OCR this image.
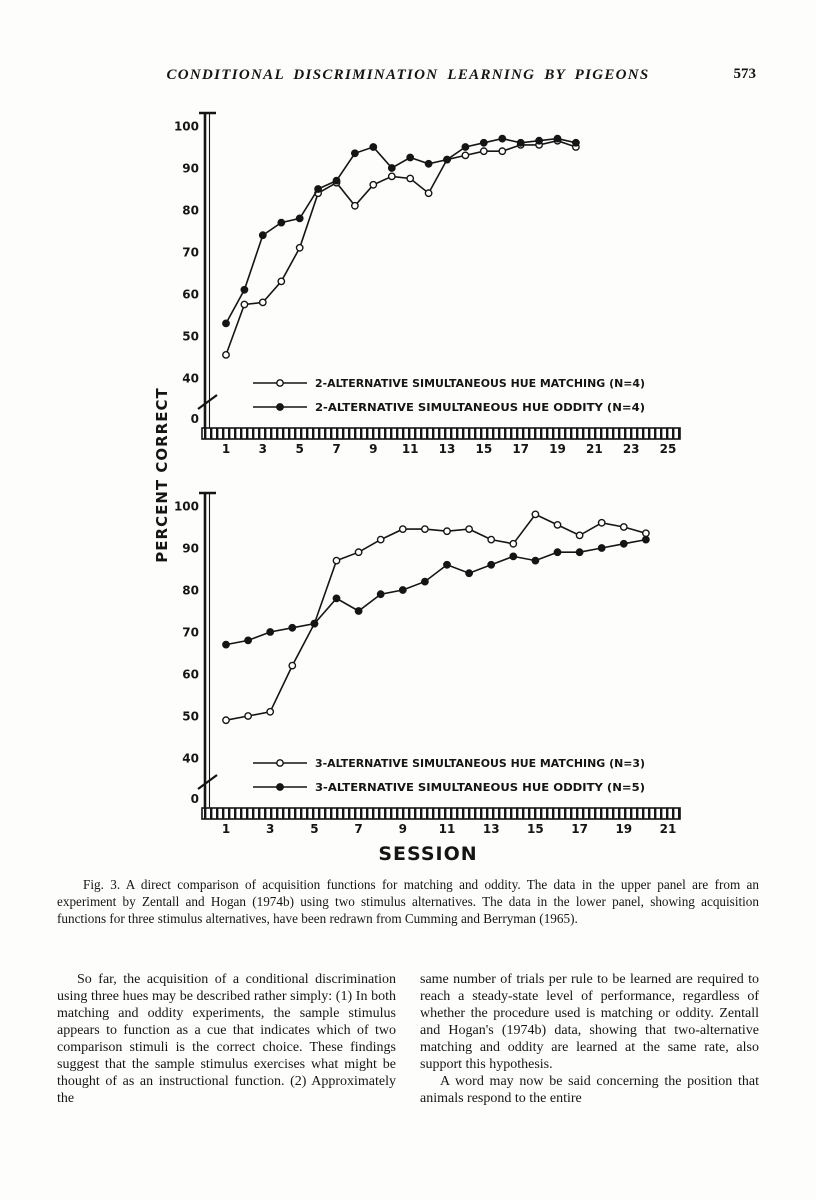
CONDITIONAL DISCRIMINATION LEARNING BY PIGEONS	573
PERCENT CORRECT
40
50
60
70
80
90
100
0
1 3 5 7 9 11 13 15 17 19 21 23 25
2-ALTERNATIVE SIMULTANEOUS HUE MATCHING (N=4)
2-ALTERNATIVE SIMULTANEOUS HUE ODDITY (N=4)
40
50
60
70
80
90
100
0
1	3	5	7	9	11 13 15 17 19 21
3-ALTERNATIVE SIMULTANEOUS HUE MATCHING (N=3)
3-ALTERNATIVE SIMULTANEOUS HUE ODDITY (N=5)
SESSION

Fig. 3. A direct comparison of acquisition functions for matching and oddity. The data in the upper panel are from an experiment by Zentall and Hogan (1974b) using two stimulus alternatives. The data in the lower panel, showing acquisition functions for three stimulus alternatives, have been redrawn from Cumming and Berryman (1965).

So far, the acquisition of a conditional discrimination using three hues may be described rather simply: (1) In both matching and oddity experiments, the sample stimulus appears to function as a cue that indicates which of two comparison stimuli is the correct choice. These findings suggest that the sample stimulus exercises what might be thought of as an instructional function. (2) Approximately the

same number of trials per rule to be learned are required to reach a steady-state level of performance, regardless of whether the procedure used is matching or oddity. Zentall and Hogan's (1974b) data, showing that two-alternative matching and oddity are learned at the same rate, also support this hypothesis.

A word may now be said concerning the position that animals respond to the entire
